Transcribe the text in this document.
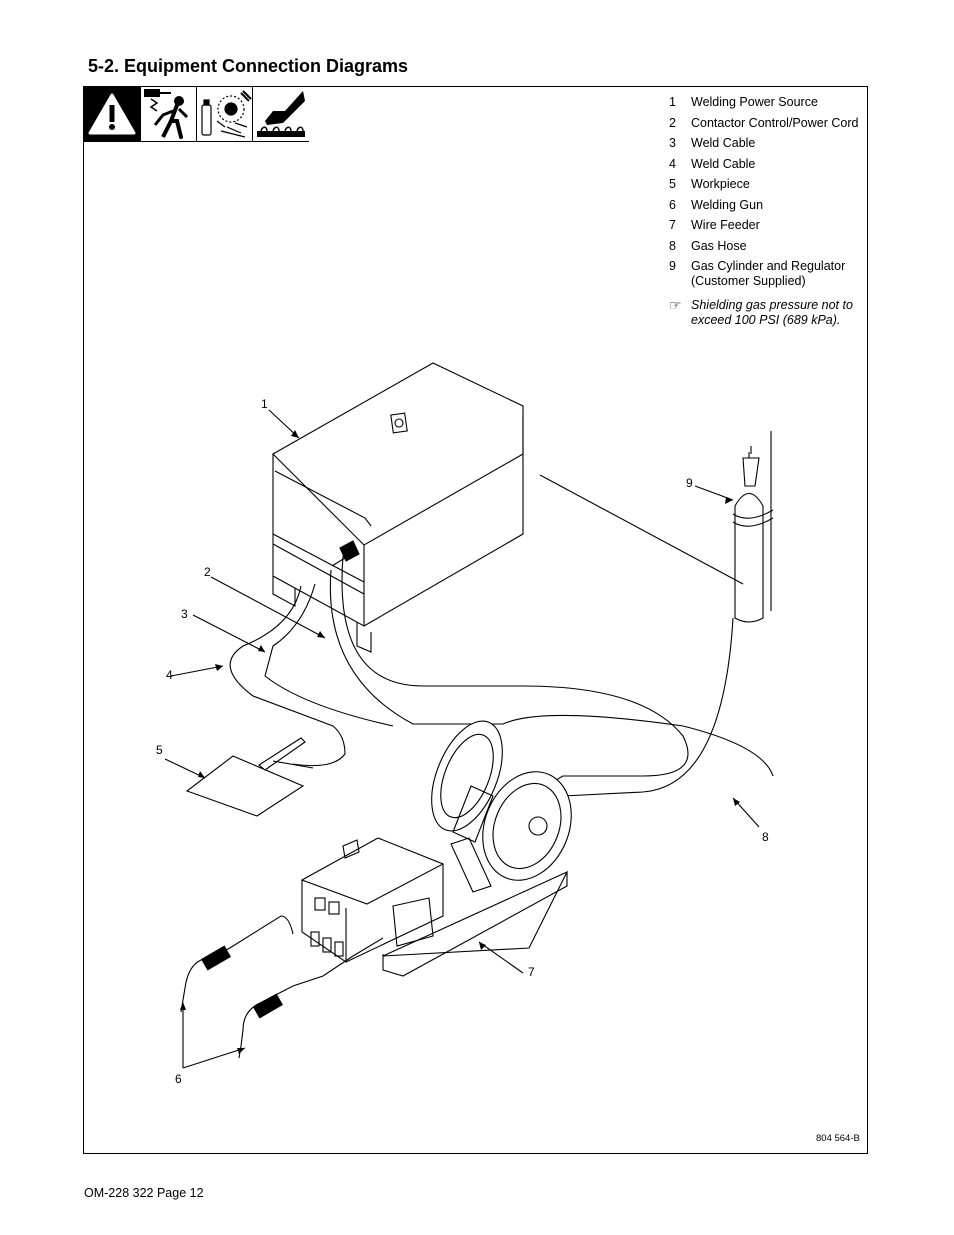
5-2. Equipment Connection Diagrams
1	Welding Power Source
2	Contactor Control/Power Cord
3	Weld Cable
4	Weld Cable
5	Workpiece
6	Welding Gun
7	Wire Feeder
8	Gas Hose
9	Gas Cylinder and Regulator (Customer Supplied)
☞ Shielding gas pressure not to exceed 100 PSI (689 kPa).
1
2
3
4
5
6
7
8
9
804 564-B
OM-228 322 Page 12
